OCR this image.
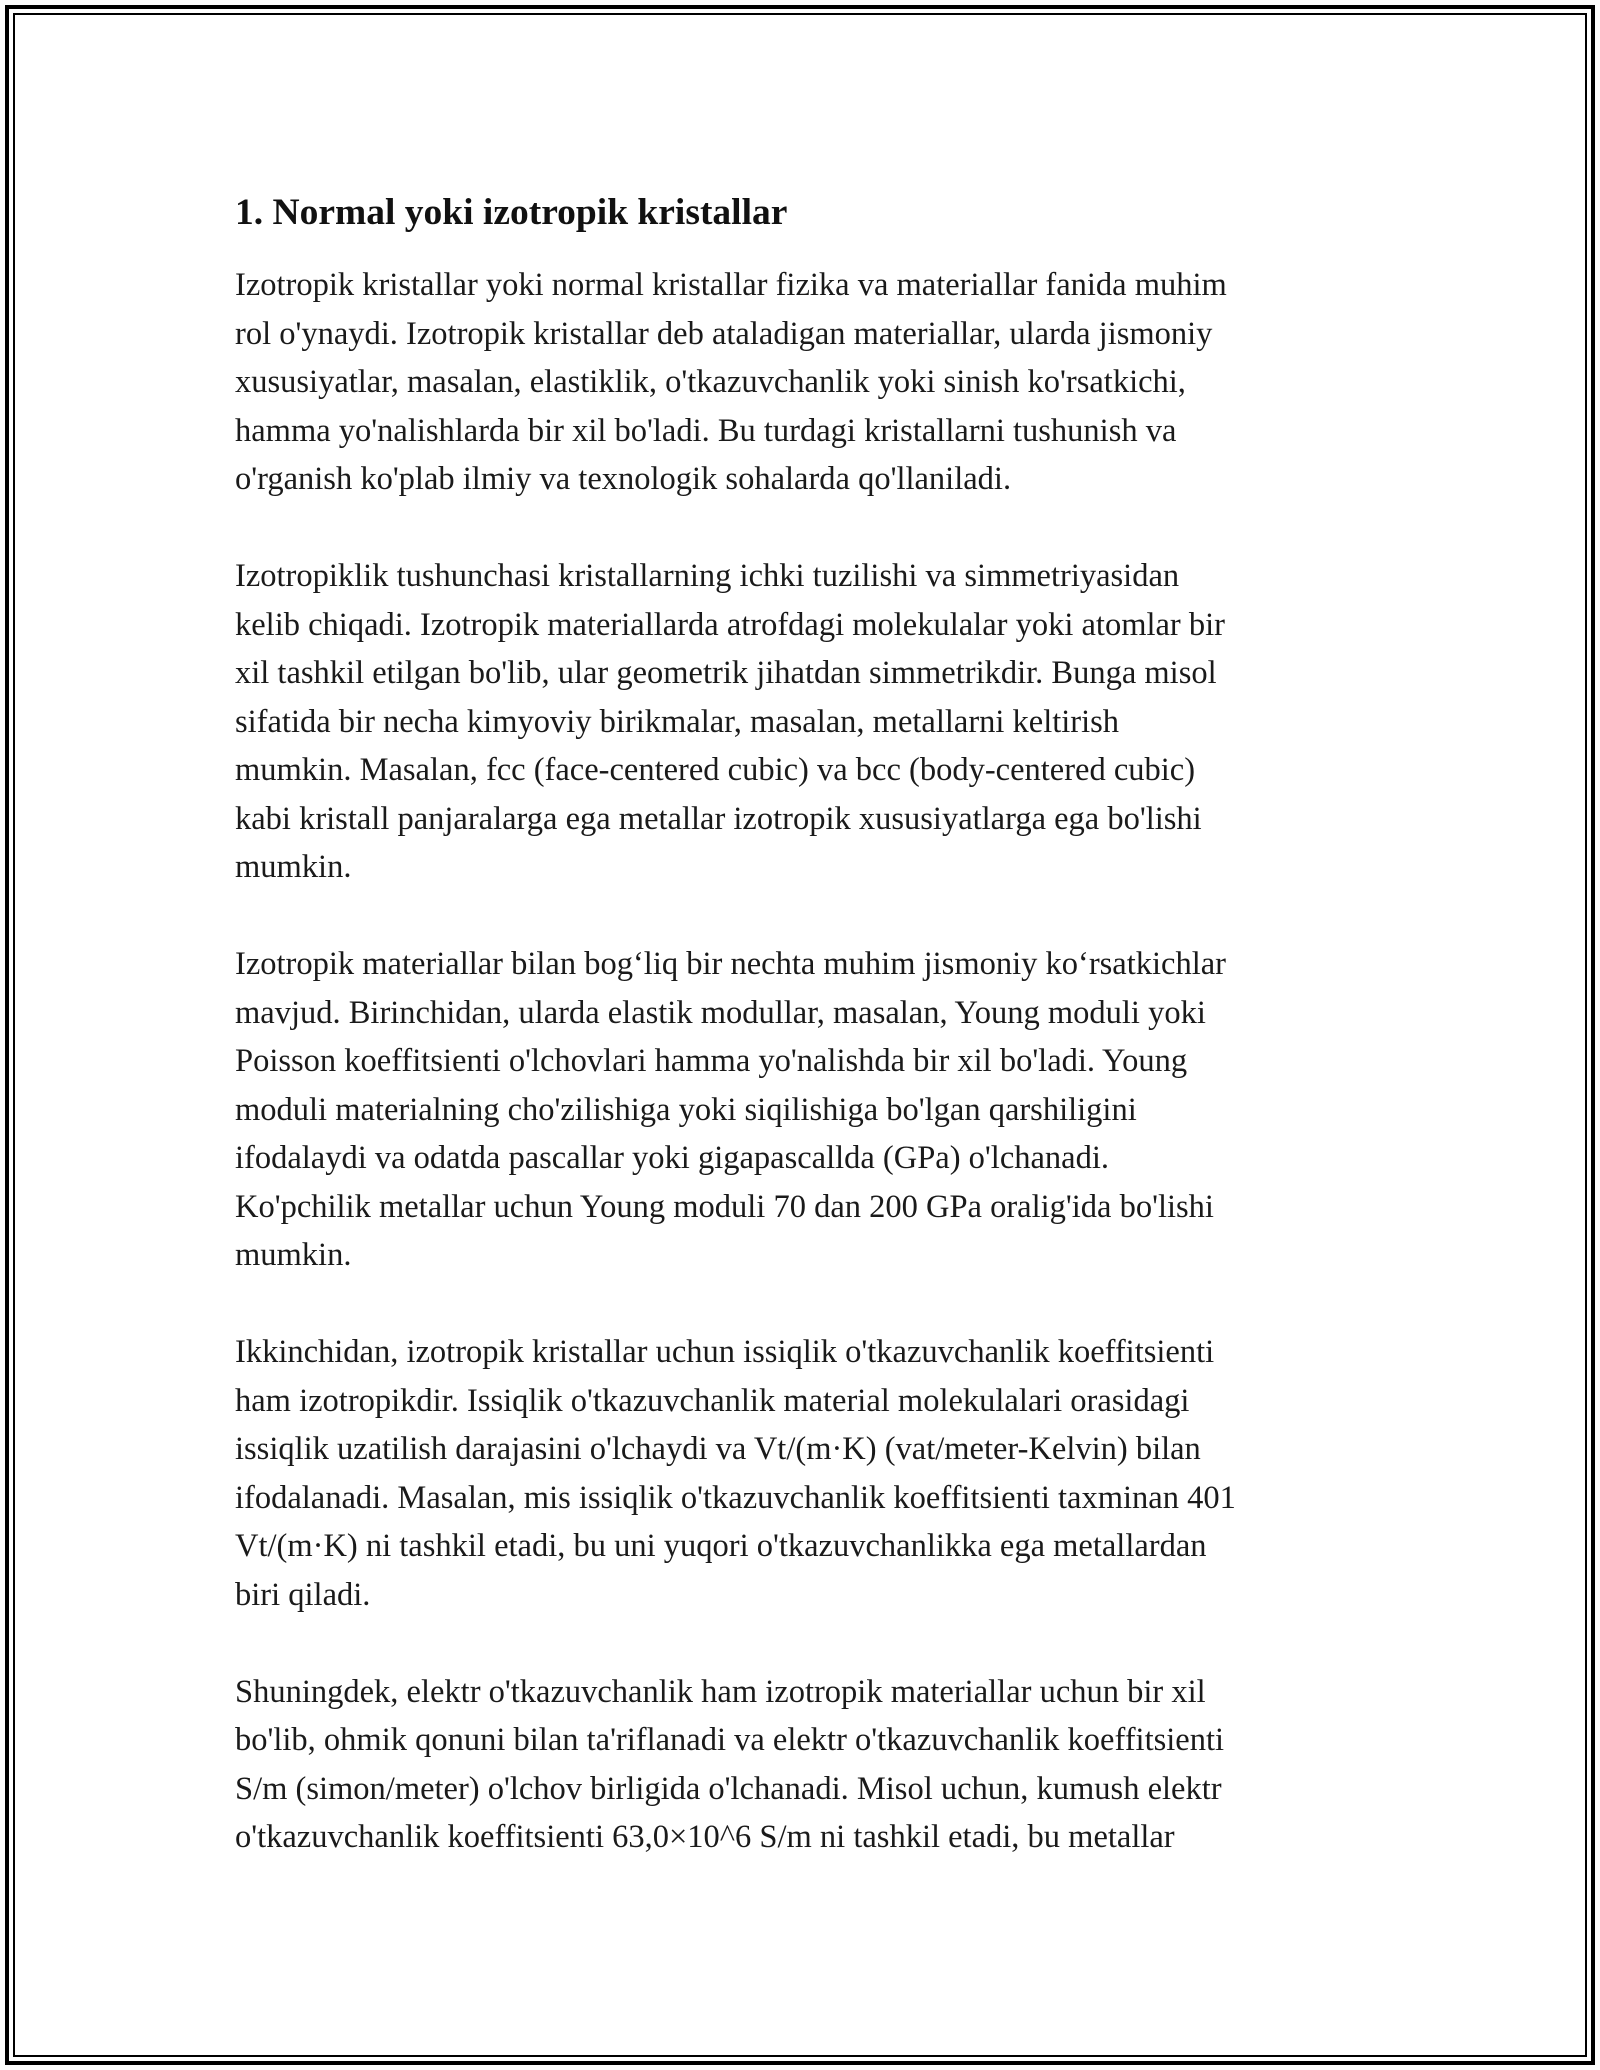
1. Normal yoki izotropik kristallar

Izotropik kristallar yoki normal kristallar fizika va materiallar fanida muhim
rol o'ynaydi. Izotropik kristallar deb ataladigan materiallar, ularda jismoniy
xususiyatlar, masalan, elastiklik, o'tkazuvchanlik yoki sinish ko'rsatkichi,
hamma yo'nalishlarda bir xil bo'ladi. Bu turdagi kristallarni tushunish va
o'rganish ko'plab ilmiy va texnologik sohalarda qo'llaniladi.

Izotropiklik tushunchasi kristallarning ichki tuzilishi va simmetriyasidan
kelib chiqadi. Izotropik materiallarda atrofdagi molekulalar yoki atomlar bir
xil tashkil etilgan bo'lib, ular geometrik jihatdan simmetrikdir. Bunga misol
sifatida bir necha kimyoviy birikmalar, masalan, metallarni keltirish
mumkin. Masalan, fcc (face-centered cubic) va bcc (body-centered cubic)
kabi kristall panjaralarga ega metallar izotropik xususiyatlarga ega bo'lishi
mumkin.

Izotropik materiallar bilan bog‘liq bir nechta muhim jismoniy ko‘rsatkichlar
mavjud. Birinchidan, ularda elastik modullar, masalan, Young moduli yoki
Poisson koeffitsienti o'lchovlari hamma yo'nalishda bir xil bo'ladi. Young
moduli materialning cho'zilishiga yoki siqilishiga bo'lgan qarshiligini
ifodalaydi va odatda pascallar yoki gigapascallda (GPa) o'lchanadi.
Ko'pchilik metallar uchun Young moduli 70 dan 200 GPa oralig'ida bo'lishi
mumkin.

Ikkinchidan, izotropik kristallar uchun issiqlik o'tkazuvchanlik koeffitsienti
ham izotropikdir. Issiqlik o'tkazuvchanlik material molekulalari orasidagi
issiqlik uzatilish darajasini o'lchaydi va Vt/(m·K) (vat/meter-Kelvin) bilan
ifodalanadi. Masalan, mis issiqlik o'tkazuvchanlik koeffitsienti taxminan 401
Vt/(m·K) ni tashkil etadi, bu uni yuqori o'tkazuvchanlikka ega metallardan
biri qiladi.

Shuningdek, elektr o'tkazuvchanlik ham izotropik materiallar uchun bir xil
bo'lib, ohmik qonuni bilan ta'riflanadi va elektr o'tkazuvchanlik koeffitsienti
S/m (simon/meter) o'lchov birligida o'lchanadi. Misol uchun, kumush elektr
o'tkazuvchanlik koeffitsienti 63,0×10^6 S/m ni tashkil etadi, bu metallar
